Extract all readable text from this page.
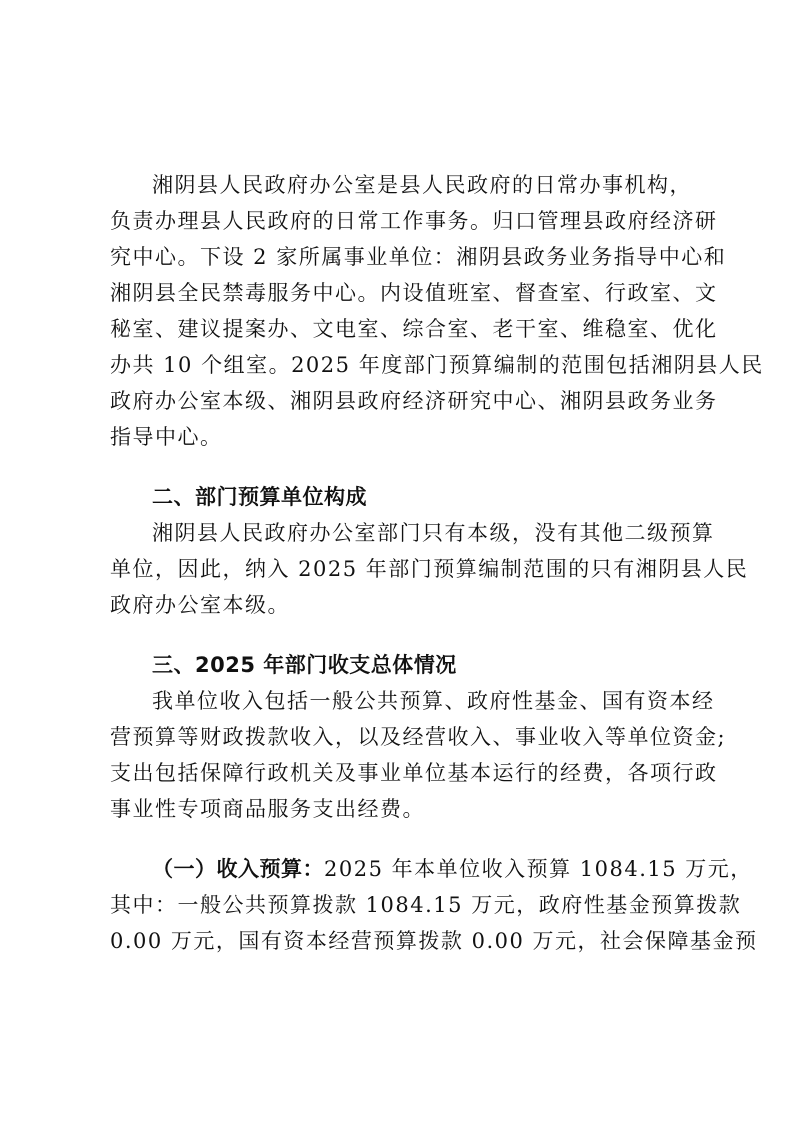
湘阴县人民政府办公室是县人民政府的日常办事机构，
负责办理县人民政府的日常工作事务。归口管理县政府经济研
究中心。下设 2 家所属事业单位：湘阴县政务业务指导中心和
湘阴县全民禁毒服务中心。内设值班室、督查室、行政室、文
秘室、建议提案办、文电室、综合室、老干室、维稳室、优化
办共 10 个组室。2025 年度部门预算编制的范围包括湘阴县人民
政府办公室本级、湘阴县政府经济研究中心、湘阴县政务业务
指导中心。
二、部门预算单位构成
湘阴县人民政府办公室部门只有本级，没有其他二级预算
单位，因此，纳入 2025 年部门预算编制范围的只有湘阴县人民
政府办公室本级。
三、2025 年部门收支总体情况
我单位收入包括一般公共预算、政府性基金、国有资本经
营预算等财政拨款收入，以及经营收入、事业收入等单位资金;
支出包括保障行政机关及事业单位基本运行的经费，各项行政
事业性专项商品服务支出经费。
（一）收入预算：2025 年本单位收入预算 1084.15 万元，
其中：一般公共预算拨款 1084.15 万元，政府性基金预算拨款
0.00 万元，国有资本经营预算拨款 0.00 万元，社会保障基金预
